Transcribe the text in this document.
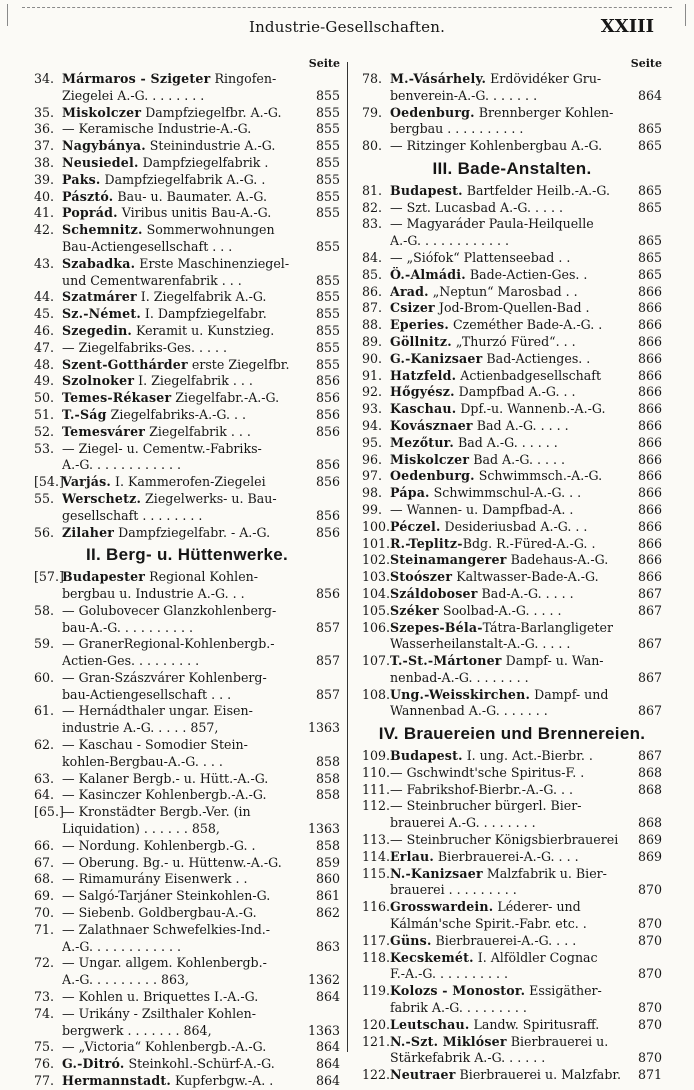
Industrie-Gesellschaften.	XXIII
Seite
34. Mármaros - Szigeter Ringofen-
Ziegelei A.-G. . . . . . . .	855
35. Miskolczer Dampfziegelfbr. A.-G.	855
36. — Keramische Industrie-A.-G.	855
37. Nagybánya. Steinindustrie A.-G.	855
38. Neusiedel. Dampfziegelfabrik .	855
39. Paks. Dampfziegelfabrik A.-G. .	855
40. Pásztó. Bau- u. Baumater. A.-G.	855
41. Poprád. Viribus unitis Bau-A.-G.	855
42. Schemnitz. Sommerwohnungen
Bau-Actiengesellschaft . . .	855
43. Szabadka. Erste Maschinenziegel-
und Cementwarenfabrik . . .	855
44. Szatmárer I. Ziegelfabrik A.-G.	855
45. Sz.-Német. I. Dampfziegelfabr.	855
46. Szegedin. Keramit u. Kunstzieg.	855
47. — Ziegelfabriks-Ges. . . . .	855
48. Szent-Gotthárder erste Ziegelfbr.	855
49. Szolnoker I. Ziegelfabrik . . .	856
50. Temes-Rékaser Ziegelfabr.-A.-G.	856
51. T.-Ság Ziegelfabriks-A.-G. . .	856
52. Temesvárer Ziegelfabrik . . .	856
53. — Ziegel- u. Cementw.-Fabriks-
A.-G. . . . . . . . . . . .	856
[54.]
Varjás. I. Kammerofen-Ziegelei	856
55. Werschetz. Ziegelwerks- u. Bau-
gesellschaft . . . . . . . .	856
56. Zilaher Dampfziegelfabr. - A.-G.	856
II. Berg- u. Hüttenwerke.
[57.]
Budapester Regional Kohlen-
bergbau u. Industrie A.-G. . .	856
58. — Golubovecer Glanzkohlenberg-
bau-A.-G. . . . . . . . . .	857
59. — GranerRegional-Kohlenbergb.-
Actien-Ges. . . . . . . . .	857
60. — Gran-Szászvárer Kohlenberg-
bau-Actiengesellschaft . . .	857
61. — Hernádthaler ungar. Eisen-
industrie A.-G. . . . . 857,	1363
62. — Kaschau - Somodier Stein-
kohlen-Bergbau-A.-G. . . .	858
63. — Kalaner Bergb.- u. Hütt.-A.-G.	858
64. — Kasinczer Kohlenbergb.-A.-G.	858
[65.]
— Kronstädter Bergb.-Ver. (in
Liquidation) . . . . . . 858,	1363
66. — Nordung. Kohlenbergb.-G. .	858
67. — Oberung. Bg.- u. Hüttenw.-A.-G.	859
68. — Rimamurány Eisenwerk . .	860
69. — Salgó-Tarjáner Steinkohlen-G.	861
70. — Siebenb. Goldbergbau-A.-G.	862
71. — Zalathnaer Schwefelkies-Ind.-
A.-G. . . . . . . . . . . .	863
72. — Ungar. allgem. Kohlenbergb.-
A.-G. . . . . . . . . 863,	1362
73. — Kohlen u. Briquettes I.-A.-G.	864
74. — Urikány - Zsilthaler Kohlen-
bergwerk . . . . . . . 864,	1363
75. — „Victoria“ Kohlenbergb.-A.-G.	864
76. G.-Ditró. Steinkohl.-Schürf-A.-G.	864
77. Hermannstadt. Kupferbgw.-A. .	864
Seite
78. M.-Vásárhely. Erdövidéker Gru-
benverein-A.-G. . . . . . .	864
79. Oedenburg. Brennberger Kohlen-
bergbau . . . . . . . . . .	865
80. — Ritzinger Kohlenbergbau A.-G.	865
III. Bade-Anstalten.
81. Budapest. Bartfelder Heilb.-A.-G.	865
82. — Szt. Lucasbad A.-G. . . . .	865
83. — Magyaráder Paula-Heilquelle
A.-G. . . . . . . . . . . .	865
84. — „Siófok“ Plattenseebad . .	865
85. Ö.-Almádi. Bade-Actien-Ges. .	865
86. Arad. „Neptun“ Marosbad . .	866
87. Csizer Jod-Brom-Quellen-Bad .	866
88. Eperies. Czeméther Bade-A.-G. .	866
89. Göllnitz. „Thurzó Füred“. . .	866
90. G.-Kanizsaer Bad-Actienges. .	866
91. Hatzfeld. Actienbadgesellschaft	866
92. Hőgyész. Dampfbad A.-G. . .	866
93. Kaschau. Dpf.-u. Wannenb.-A.-G.	866
94. Kovásznaer Bad A.-G. . . . .	866
95. Mezőtur. Bad A.-G. . . . . .	866
96. Miskolczer Bad A.-G. . . . .	866
97. Oedenburg. Schwimmsch.-A.-G.	866
98. Pápa. Schwimmschul-A.-G. . .	866
99. — Wannen- u. Dampfbad-A. .	866
100. Péczel. Desideriusbad A.-G. . .	866
101. R.-Teplitz-Bdg. R.-Füred-A.-G. .	866
102. Steinamangerer Badehaus-A.-G.	866
103. Stoószer Kaltwasser-Bade-A.-G.	866
104. Száldoboser Bad-A.-G. . . . .	867
105. Széker Soolbad-A.-G. . . . .	867
106. Szepes-Béla-Tátra-Barlangligeter
Wasserheilanstalt-A.-G. . . . .	867
107. T.-St.-Mártoner Dampf- u. Wan-
nenbad-A.-G. . . . . . . .	867
108. Ung.-Weisskirchen. Dampf- und
Wannenbad A.-G. . . . . . .	867
IV. Brauereien und Brennereien.
109. Budapest. I. ung. Act.-Bierbr. .	867
110. — Gschwindt'sche Spiritus-F. .	868
111. — Fabrikshof-Bierbr.-A.-G. . .	868
112. — Steinbrucher bürgerl. Bier-
brauerei A.-G. . . . . . . .	868
113. — Steinbrucher Königsbierbrauerei	869
114. Erlau. Bierbrauerei-A.-G. . . .	869
115. N.-Kanizsaer Malzfabrik u. Bier-
brauerei . . . . . . . . .	870
116. Grosswardein. Léderer- und
Kálmán'sche Spirit.-Fabr. etc. .	870
117. Güns. Bierbrauerei-A.-G. . . .	870
118. Kecskemét. I. Alföldler Cognac
F.-A.-G. . . . . . . . . .	870
119. Kolozs - Monostor. Essigäther-
fabrik A.-G. . . . . . . . .	870
120. Leutschau. Landw. Spiritusraff.	870
121. N.-Szt. Miklóser Bierbrauerei u.
Stärkefabrik A.-G. . . . . .	870
122. Neutraer Bierbrauerei u. Malzfabr.	871
